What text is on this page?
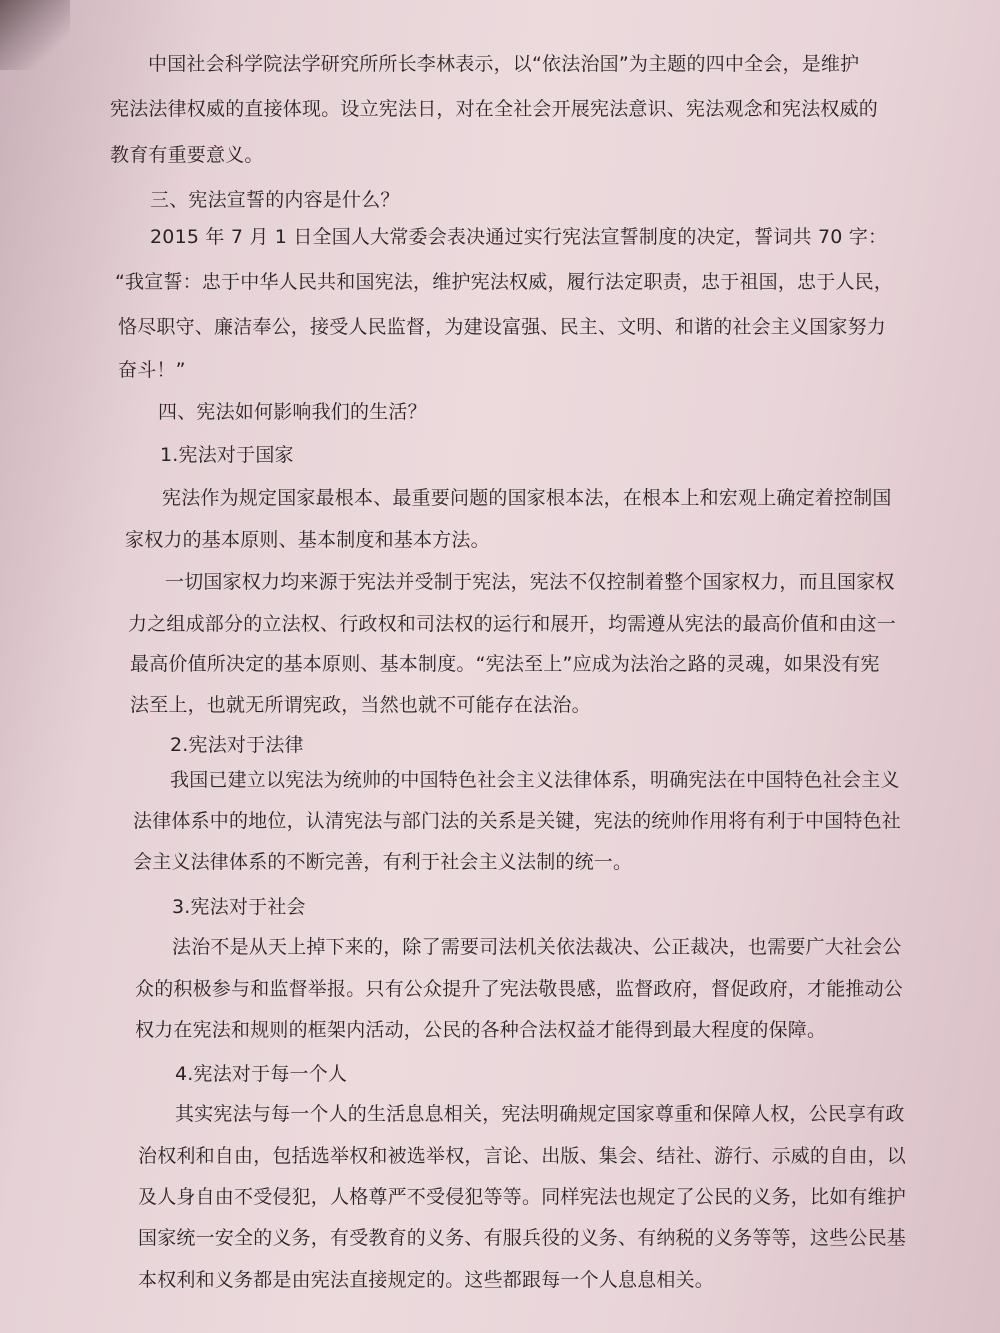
中国社会科学院法学研究所所长李林表示，以“依法治国”为主题的四中全会，是维护
宪法法律权威的直接体现。设立宪法日，对在全社会开展宪法意识、宪法观念和宪法权威的
教育有重要意义。
三、宪法宣誓的内容是什么？
2015 年 7 月 1 日全国人大常委会表决通过实行宪法宣誓制度的决定，誓词共 70 字：
“我宣誓：忠于中华人民共和国宪法，维护宪法权威，履行法定职责，忠于祖国，忠于人民，
恪尽职守、廉洁奉公，接受人民监督，为建设富强、民主、文明、和谐的社会主义国家努力
奋斗！”
四、宪法如何影响我们的生活？
1.宪法对于国家
宪法作为规定国家最根本、最重要问题的国家根本法，在根本上和宏观上确定着控制国
家权力的基本原则、基本制度和基本方法。
一切国家权力均来源于宪法并受制于宪法，宪法不仅控制着整个国家权力，而且国家权
力之组成部分的立法权、行政权和司法权的运行和展开，均需遵从宪法的最高价值和由这一
最高价值所决定的基本原则、基本制度。“宪法至上”应成为法治之路的灵魂，如果没有宪
法至上，也就无所谓宪政，当然也就不可能存在法治。
2.宪法对于法律
我国已建立以宪法为统帅的中国特色社会主义法律体系，明确宪法在中国特色社会主义
法律体系中的地位，认清宪法与部门法的关系是关键，宪法的统帅作用将有利于中国特色社
会主义法律体系的不断完善，有利于社会主义法制的统一。
3.宪法对于社会
法治不是从天上掉下来的，除了需要司法机关依法裁决、公正裁决，也需要广大社会公
众的积极参与和监督举报。只有公众提升了宪法敬畏感，监督政府，督促政府，才能推动公
权力在宪法和规则的框架内活动，公民的各种合法权益才能得到最大程度的保障。
4.宪法对于每一个人
其实宪法与每一个人的生活息息相关，宪法明确规定国家尊重和保障人权，公民享有政
治权利和自由，包括选举权和被选举权，言论、出版、集会、结社、游行、示威的自由，以
及人身自由不受侵犯，人格尊严不受侵犯等等。同样宪法也规定了公民的义务，比如有维护
国家统一安全的义务，有受教育的义务、有服兵役的义务、有纳税的义务等等，这些公民基
本权利和义务都是由宪法直接规定的。这些都跟每一个人息息相关。
